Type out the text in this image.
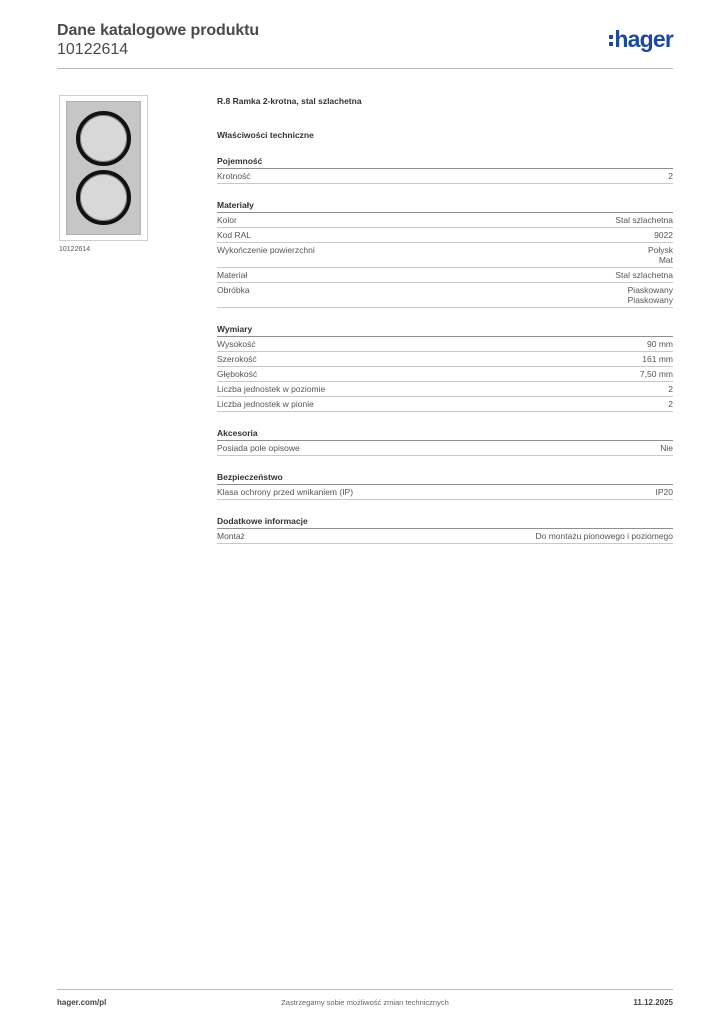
Dane katalogowe produktu
10122614	hager
10122614
R.8 Ramka 2-krotna, stal szlachetna
Właściwości techniczne
Pojemność
Krotność	2
Materiały
Kolor	Stal szlachetna
Kod RAL	9022
Wykończenie powierzchni	Połysk
Mat
Materiał	Stal szlachetna
Obróbka	Piaskowany
Piaskowany
Wymiary
Wysokość	90 mm
Szerokość	161 mm
Głębokość	7,50 mm
Liczba jednostek w poziomie	2
Liczba jednostek w pionie	2
Akcesoria
Posiada pole opisowe	Nie
Bezpieczeństwo
Klasa ochrony przed wnikaniem (IP)	IP20
Dodatkowe informacje
Montaż	Do montażu pionowego i poziomego
hager.com/pl	Zastrzegamy sobie możliwość zmian technicznych	11.12.2025
